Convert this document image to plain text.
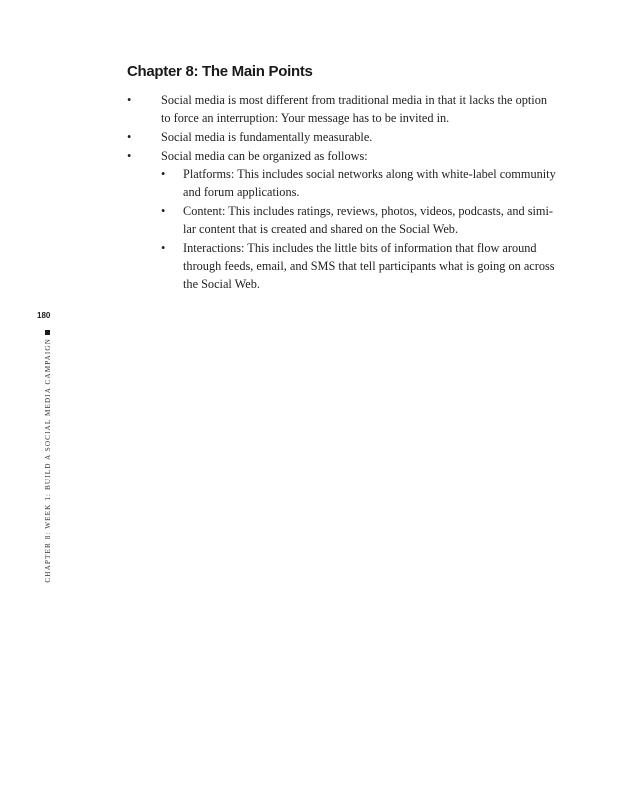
Chapter 8: The Main Points
• Social media is most different from traditional media in that it lacks the option
to force an interruption: Your message has to be invited in.
• Social media is fundamentally measurable.
• Social media can be organized as follows:
• Platforms: This includes social networks along with white-label community
and forum applications.
• Content: This includes ratings, reviews, photos, videos, podcasts, and simi-
lar content that is created and shared on the Social Web.
• Interactions: This includes the little bits of information that flow around
through feeds, email, and SMS that tell participants what is going on across
the Social Web.
180
CHAPTER 8: WEEK 1: BUILD A SOCIAL MEDIA CAMPAIGN
